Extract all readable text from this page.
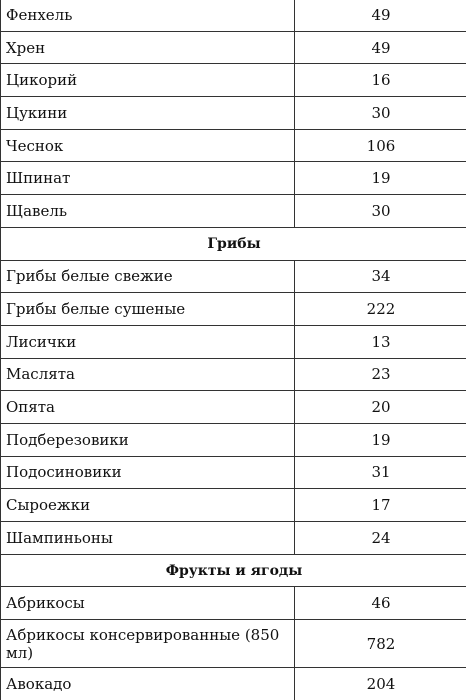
Фенхель	49
Хрен	49
Цикорий	16
Цукини	30
Чеснок	106
Шпинат	19
Щавель	30
Грибы	
Грибы белые свежие	34
Грибы белые сушеные	222
Лисички	13
Маслята	23
Опята	20
Подберезовики	19
Подосиновики	31
Сыроежки	17
Шампиньоны	24
Фрукты и ягоды	
Абрикосы	46
Абрикосы консервированные (850 мл)	782
Авокадо	204
